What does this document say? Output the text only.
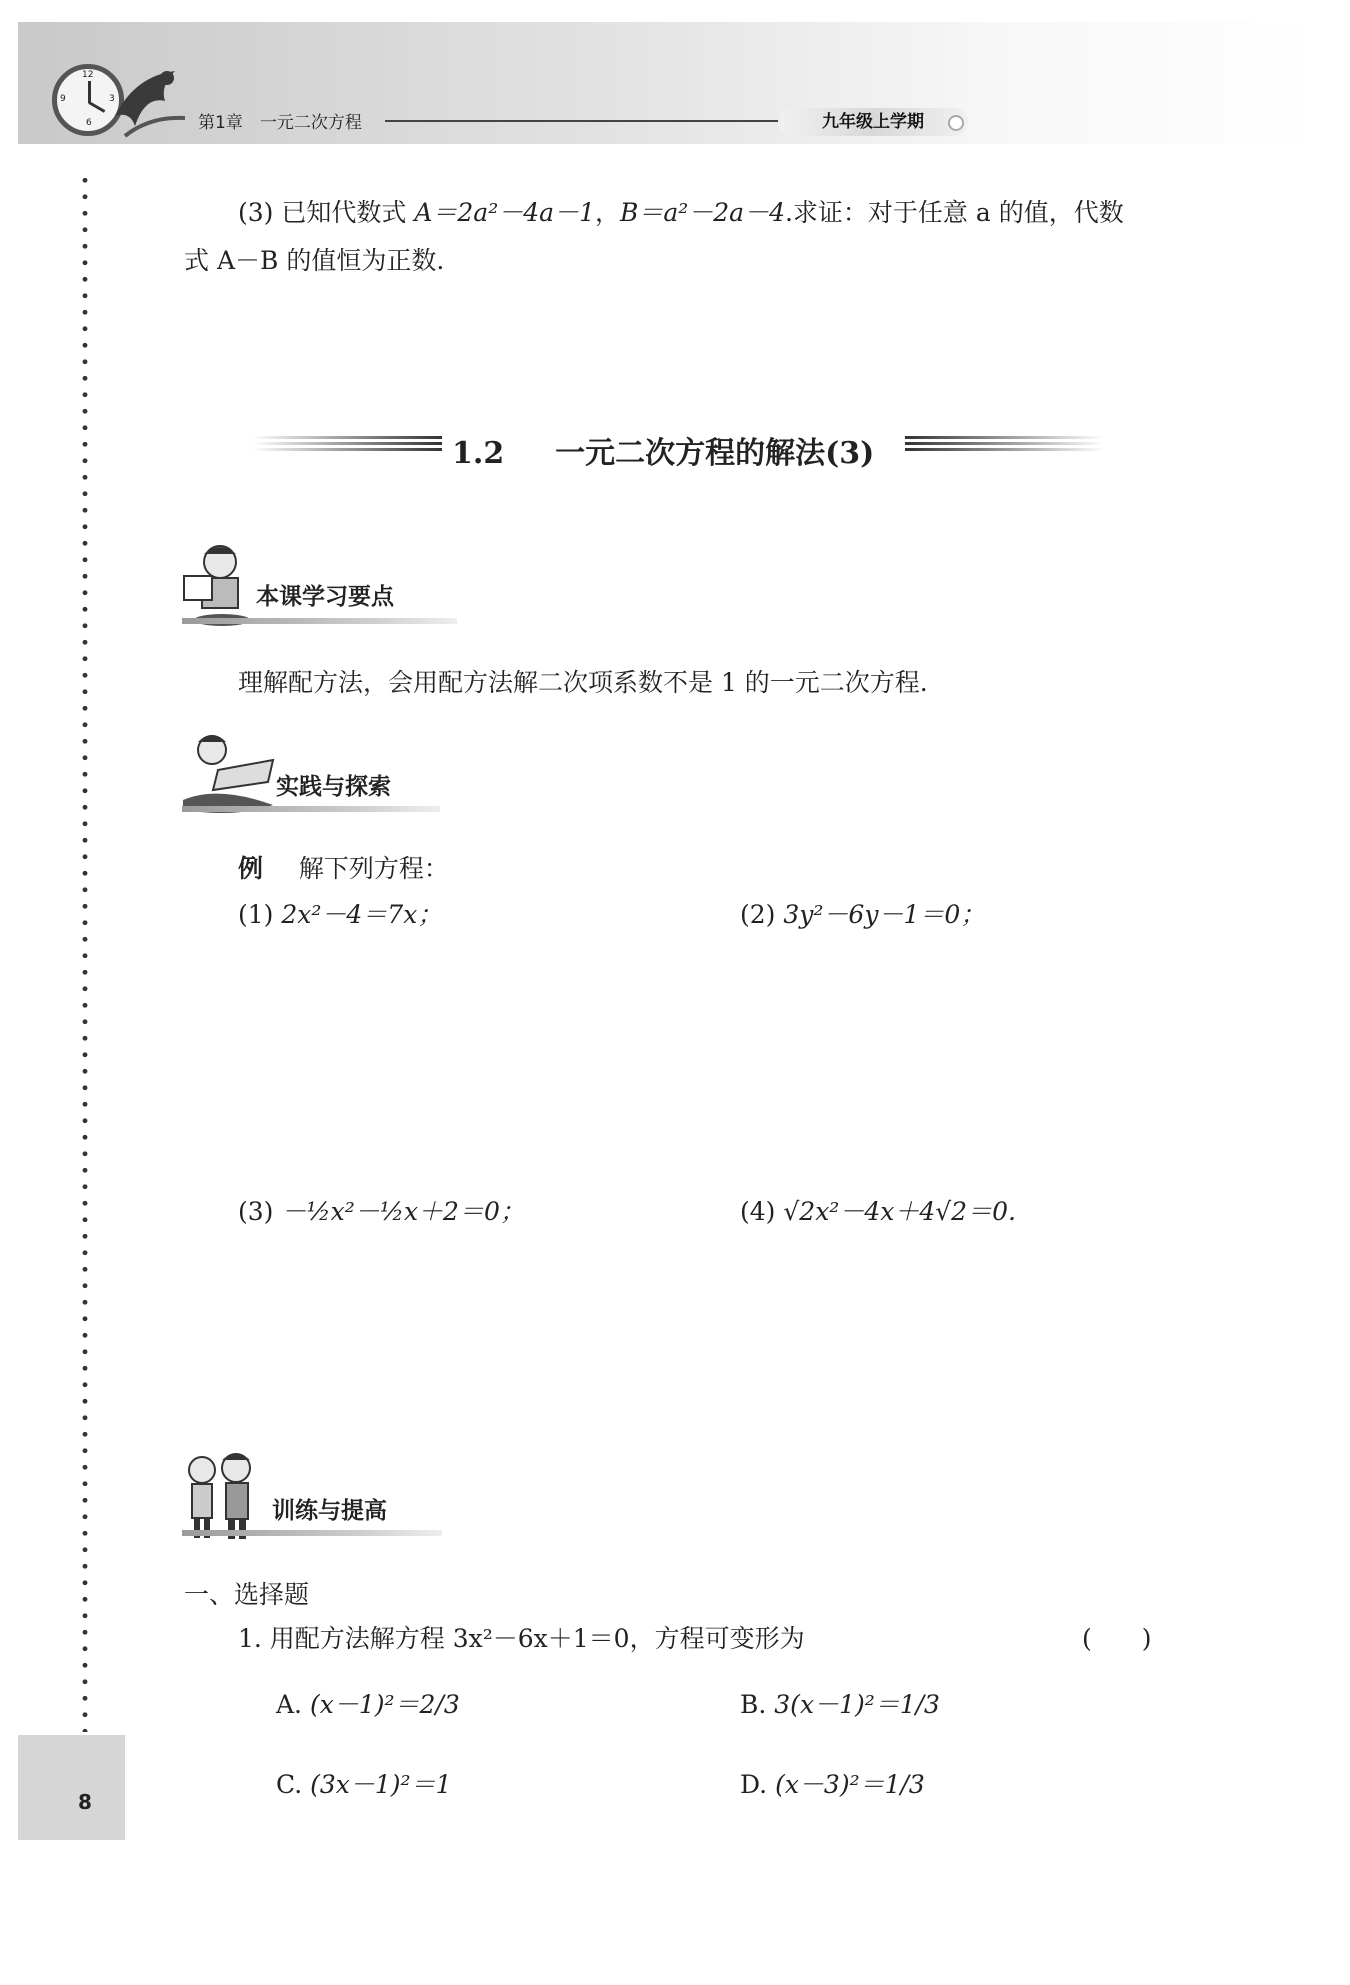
12
3
6
9
第1章　一元二次方程	九年级上学期
(3) 已知代数式 A＝2a²－4a－1，B＝a²－2a－4.求证：对于任意 a 的值，代数
式 A－B 的值恒为正数.
1.2 一元二次方程的解法(3)
本课学习要点
理解配方法，会用配方法解二次项系数不是 1 的一元二次方程.
实践与探索
例 解下列方程：
(1) 2x²－4＝7x；	(2) 3y²－6y－1＝0；
(3) －½x²－½x＋2＝0；	(4) √2x²－4x＋4√2＝0.
训练与提高
一、选择题
1. 用配方法解方程 3x²－6x＋1＝0，方程可变形为	(　　)
A. (x－1)²＝2/3	B. 3(x－1)²＝1/3
C. (3x－1)²＝1	D. (x－3)²＝1/3
8
